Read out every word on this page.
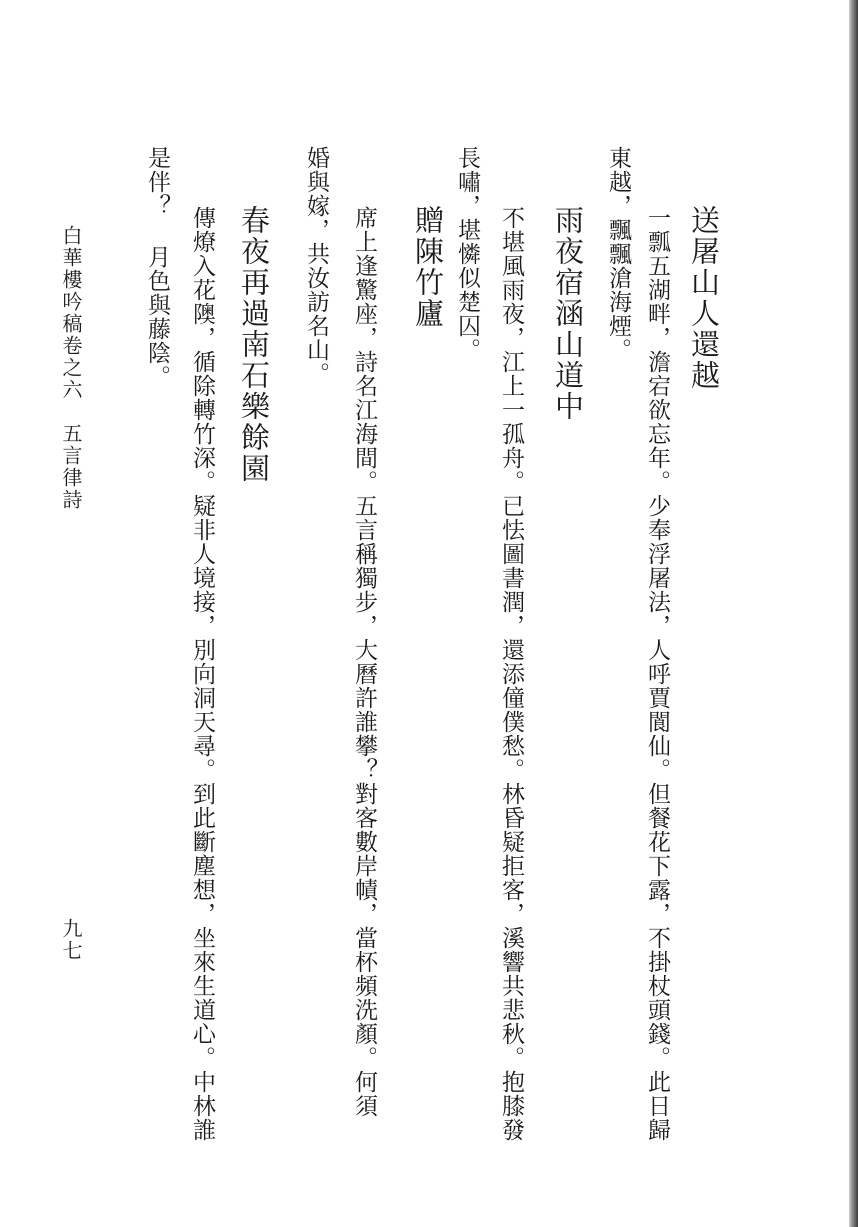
送屠山人還越
一瓢五湖畔，澹宕欲忘年。少奉浮屠法，人呼賈閬仙。但餐花下露，不掛杖頭錢。此日歸
東越，飄飄滄海煙。
雨夜宿涵山道中
不堪風雨夜，江上一孤舟。已怯圖書潤，還添僮僕愁。林昏疑拒客，溪響共悲秋。抱膝發
長嘯，堪憐似楚囚。
贈陳竹廬
席上逢驚座，詩名江海間。五言稱獨步，大曆許誰攀？對客數岸幘，當杯頻洗顏。何須
婚與嫁，共汝訪名山。
春夜再過南石樂餘園
傳燎入花隩，循除轉竹深。疑非人境接，別向洞天尋。到此斷塵想，坐來生道心。中林誰
是伴？ 月色與藤陰。
白華樓吟稿卷之六　五言律詩
九七
